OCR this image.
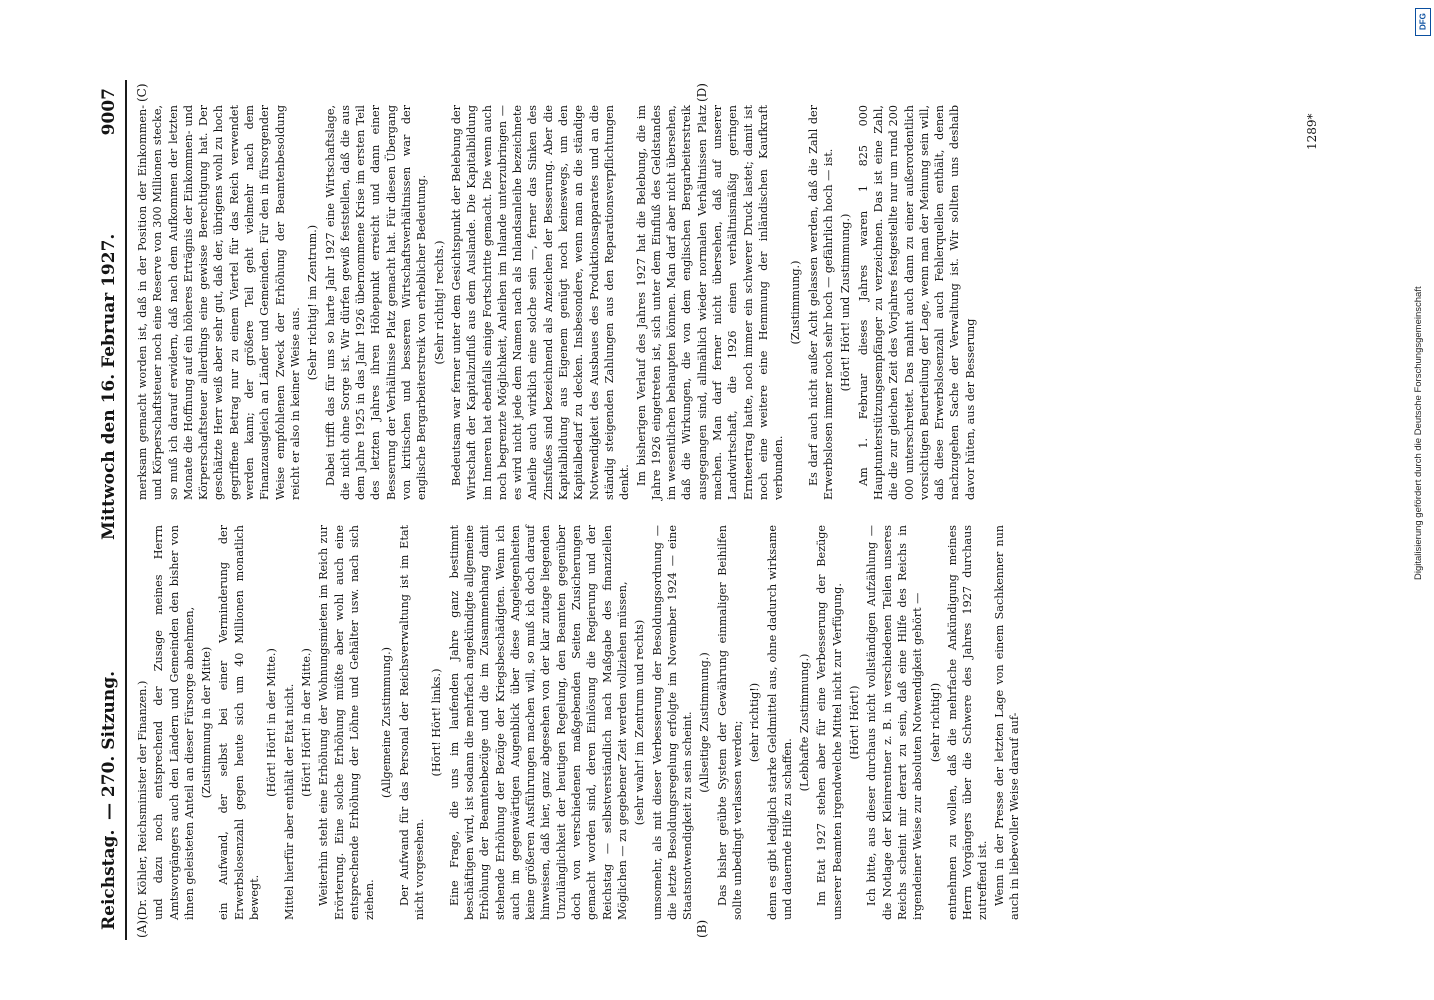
Reichstag.
— 270. Sitzung.
Mittwoch den 16. Februar 1927.
9007
(A)	(B)
(C)	(D)

(Dr. Köhler, Reichsminister der Finanzen.) und dazu noch entsprechend der Zusage meines Herrn Amtsvorgängers auch den Ländern und Gemeinden den bisher von ihnen geleisteten Anteil an dieser Fürsorge abnehmen, (Zustimmung in der Mitte) ein Aufwand, der selbst bei einer Verminderung der Erwerbslosenzahl gegen heute sich um 40 Millionen monatlich bewegt.

(Hört! Hört! in der Mitte.) Mittel hierfür aber enthält der Etat nicht. (Hört! Hört! in der Mitte.) Weiterhin steht eine Erhöhung der Wohnungsmieten im Reich zur Erörterung. Eine solche Erhöhung müßte aber wohl auch eine entsprechende Erhöhung der Löhne und Gehälter usw. nach sich ziehen.

(Allgemeine Zustimmung.) Der Aufwand für das Personal der Reichsverwaltung ist im Etat nicht vorgesehen.

(Hört! Hört! links.) Eine Frage, die uns im laufenden Jahre ganz bestimmt beschäftigen wird, ist sodann die mehrfach angekündigte allgemeine Erhöhung der Beamtenbezüge und die im Zusammenhang damit stehende Erhöhung der Bezüge der Kriegsbeschädigten. Wenn ich auch im gegenwärtigen Augenblick über diese Angelegenheiten keine größeren Ausführungen machen will, so muß ich doch darauf hinweisen, daß hier, ganz abgesehen von der klar zutage liegenden Unzulänglichkeit der heutigen Regelung, den Beamten gegenüber doch von verschiedenen maßgebenden Seiten Zusicherungen gemacht worden sind, deren Einlösung die Regierung und der Reichstag — selbstverständlich nach Maßgabe des finanziellen Möglichen — zu gegebener Zeit werden vollziehen müssen, (sehr wahr! im Zentrum und rechts) umsomehr, als mit dieser Verbesserung der Besoldungsordnung — die letzte Besoldungsregelung erfolgte im November 1924 — eine Staatsnotwendigkeit zu sein scheint. (Allseitige Zustimmung.) Das bisher geübte System der Gewährung einmaliger Beihilfen sollte unbedingt verlassen werden; (sehr richtig!) denn es gibt lediglich starke Geldmittel aus, ohne dadurch wirksame und dauernde Hilfe zu schaffen.

(Lebhafte Zustimmung.) Im Etat 1927 stehen aber für eine Verbesserung der Bezüge unserer Beamten irgendwelche Mittel nicht zur Verfügung. (Hört! Hört!) Ich bitte, aus dieser durchaus nicht vollständigen Aufzählung — die Notlage der Kleinrentner z. B. in verschiedenen Teilen unseres Reichs scheint mir derart zu sein, daß eine Hilfe des Reichs in irgendeiner Weise zur absoluten Notwendigkeit gehört — (sehr richtig!) entnehmen zu wollen, daß die mehrfache Ankündigung meines Herrn Vorgängers über die Schwere des Jahres 1927 durchaus zutreffend ist. Wenn in der Presse der letzten Lage von einem Sachkenner nun auch in liebevoller Weise darauf auf-

merksam gemacht worden ist, daß in der Position der Einkommen- und Körperschaftsteuer noch eine Reserve von 300 Millionen stecke, so muß ich darauf erwidern, daß nach dem Aufkommen der letzten Monate die Hoffnung auf ein höheres Erträgnis der Einkommen- und Körperschaftsteuer allerdings eine gewisse Berechtigung hat. Der geschätzte Herr weiß aber sehr gut, daß der, übrigens wohl zu hoch gegriffene Betrag nur zu einem Viertel für das Reich verwendet werden kann; der größere Teil geht vielmehr nach dem Finanzausgleich an Länder und Gemeinden. Für den in fürsorgender Weise empfohlenen Zweck der Erhöhung der Beamtenbesoldung reicht er also in keiner Weise aus.

(Sehr richtig! im Zentrum.) Dabei trifft das für uns so harte Jahr 1927 eine Wirtschaftslage, die nicht ohne Sorge ist. Wir dürfen gewiß feststellen, daß die aus dem Jahre 1925 in das Jahr 1926 übernommene Krise im ersten Teil des letzten Jahres ihren Höhepunkt erreicht und dann einer Besserung der Verhältnisse Platz gemacht hat. Für diesen Übergang von kritischen und besseren Wirtschaftsverhältnissen war der englische Bergarbeiterstreik von erheblicher Bedeutung. (Sehr richtig! rechts.) Bedeutsam war ferner unter dem Gesichtspunkt der Belebung der Wirtschaft der Kapitalzufluß aus dem Auslande. Die Kapitalbildung im Inneren hat ebenfalls einige Fortschritte gemacht. Die wenn auch noch begrenzte Möglichkeit, Anleihen im Inlande unterzubringen — es wird nicht jede dem Namen nach als Inlandsanleihe bezeichnete Anleihe auch wirklich eine solche sein —, ferner das Sinken des Zinsfußes sind bezeichnend als Anzeichen der Besserung. Aber die Kapitalbildung aus Eigenem genügt noch keineswegs, um den Kapitalbedarf zu decken. Insbesondere, wenn man an die ständige Notwendigkeit des Ausbaues des Produktionsapparates und an die ständig steigenden Zahlungen aus den Reparationsverpflichtungen denkt. Im bisherigen Verlauf des Jahres 1927 hat die Belebung, die im Jahre 1926 eingetreten ist, sich unter dem Einfluß des Geldstandes im wesentlichen behaupten können. Man darf aber nicht übersehen, daß die Wirkungen, die von dem englischen Bergarbeiterstreik ausgegangen sind, allmählich wieder normalen Verhältnissen Platz machen. Man darf ferner nicht übersehen, daß auf unserer Landwirtschaft, die 1926 einen verhältnismäßig geringen Ernteertrag hatte, noch immer ein schwerer Druck lastet; damit ist noch eine weitere eine Hemmung der inländischen Kaufkraft verbunden.

(Zustimmung.) Es darf auch nicht außer Acht gelassen werden, daß die Zahl der Erwerbslosen immer noch sehr hoch — gefährlich hoch — ist. (Hört! Hört! und Zustimmung.) Am 1. Februar dieses Jahres waren 1 825 000 Hauptunterstützungsempfänger zu verzeichnen. Das ist eine Zahl, die die zur gleichen Zeit des Vorjahres festgestellte nur um rund 200 000 unterschreitet. Das mahnt auch dann zu einer außerordentlich vorsichtigen Beurteilung der Lage, wenn man der Meinung sein will, daß diese Erwerbslosenzahl auch Fehlerquellen enthält, denen nachzugehen Sache der Verwaltung ist. Wir sollten uns deshalb davor hüten, aus der Besserung

1289*
DFG
Digitalisierung gefördert durch die Deutsche Forschungsgemeinschaft
